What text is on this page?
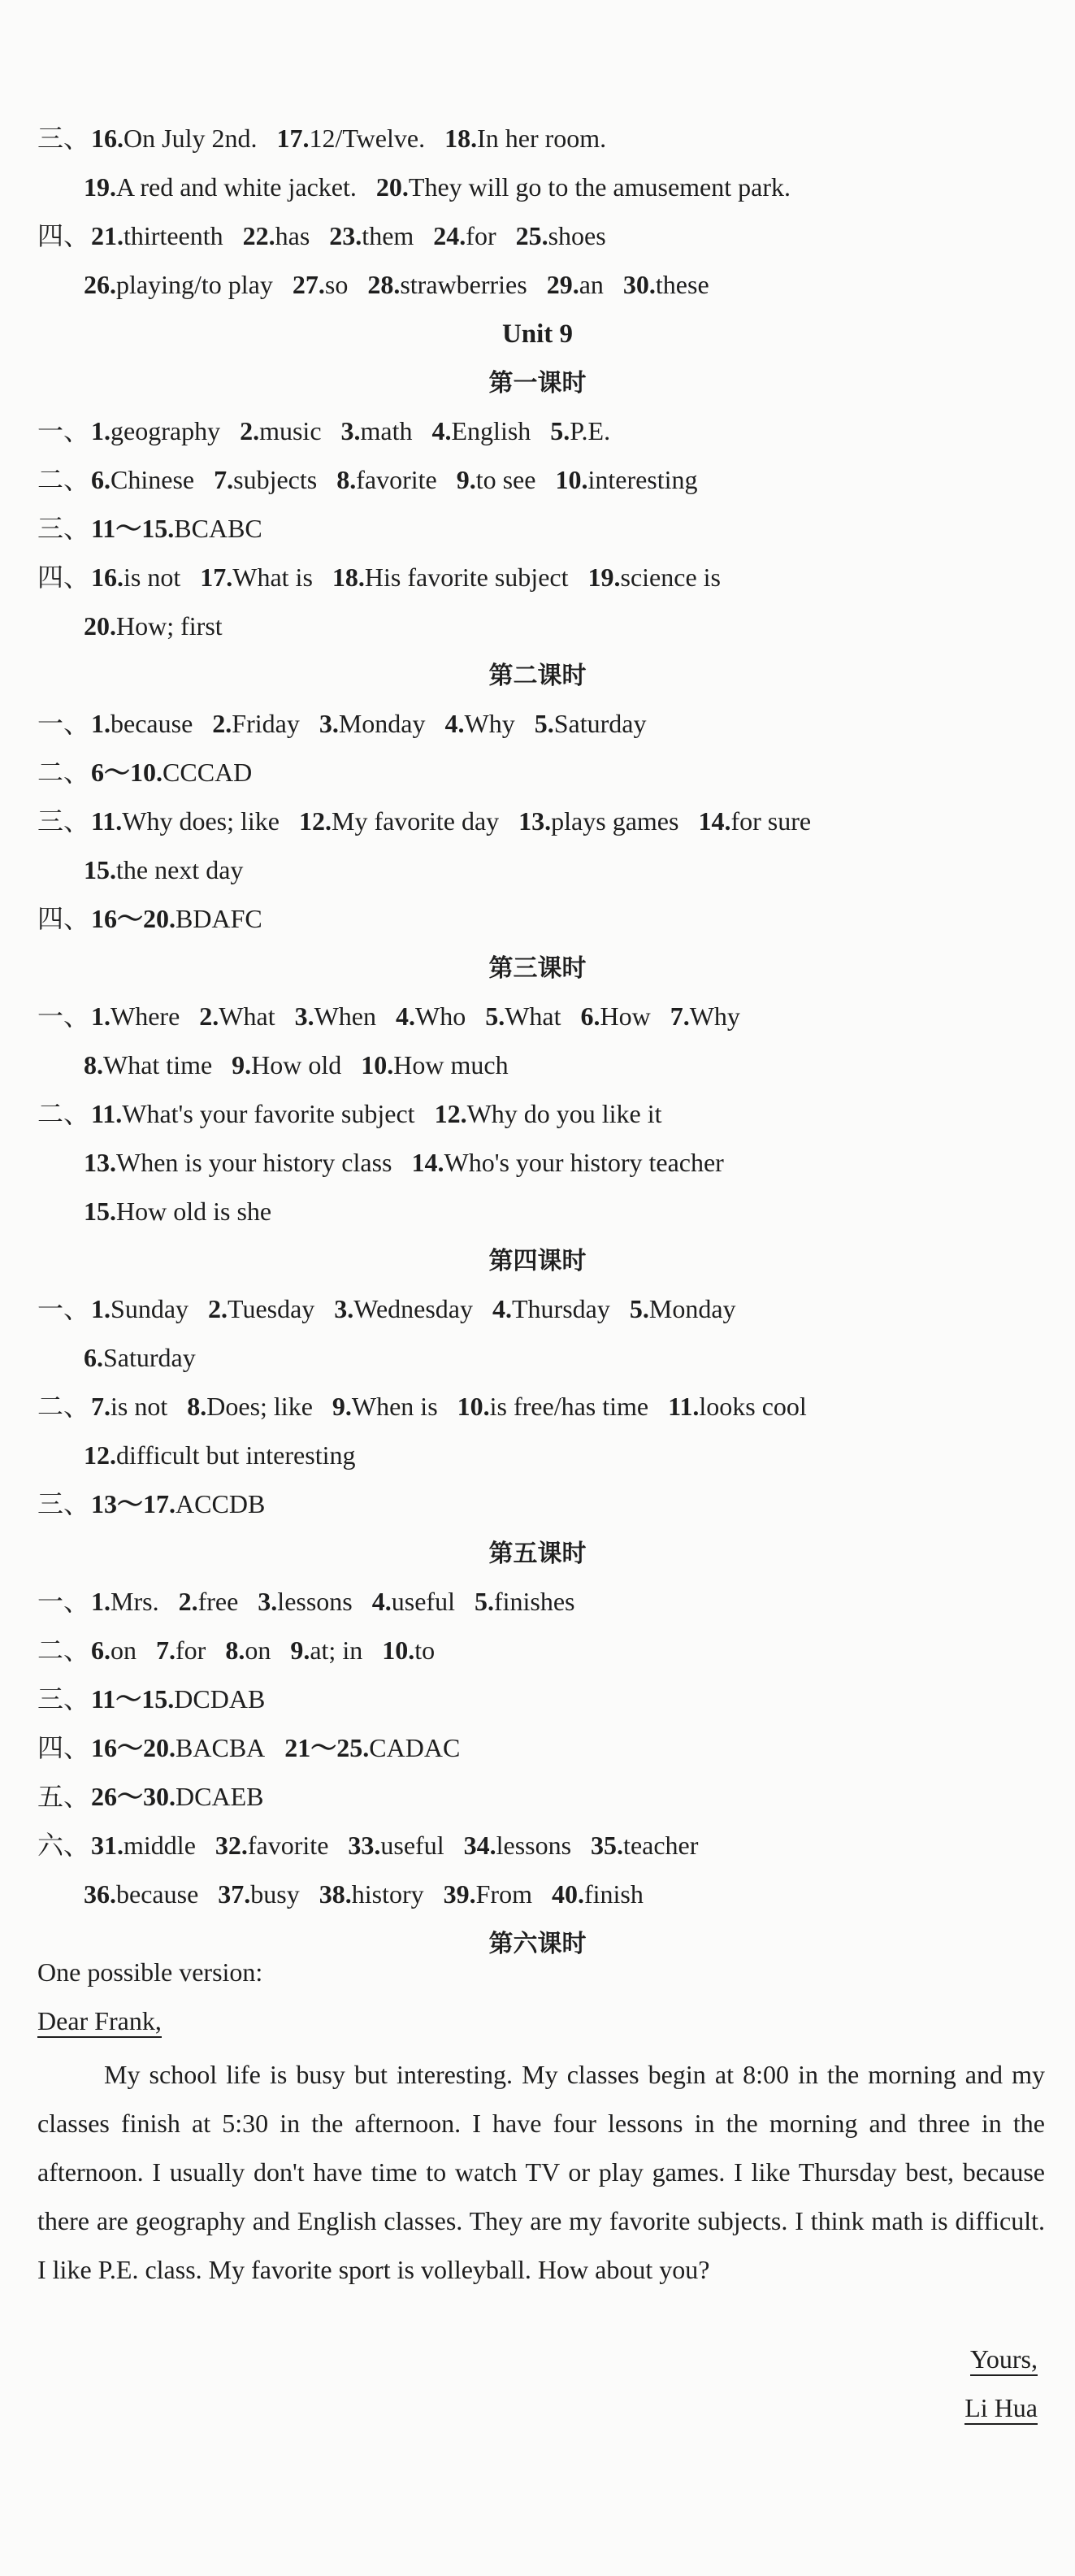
三、16.On July 2nd. 17.12/Twelve. 18.In her room.
19.A red and white jacket. 20.They will go to the amusement park.
四、21.thirteenth 22.has 23.them 24.for 25.shoes
26.playing/to play 27.so 28.strawberries 29.an 30.these
Unit 9
第一课时
一、1.geography 2.music 3.math 4.English 5.P.E.
二、6.Chinese 7.subjects 8.favorite 9.to see 10.interesting
三、11～15.BCABC
四、16.is not 17.What is 18.His favorite subject 19.science is
20.How; first
第二课时
一、1.because 2.Friday 3.Monday 4.Why 5.Saturday
二、6～10.CCCAD
三、11.Why does; like 12.My favorite day 13.plays games 14.for sure
15.the next day
四、16～20.BDAFC
第三课时
一、1.Where 2.What 3.When 4.Who 5.What 6.How 7.Why
8.What time 9.How old 10.How much
二、11.What's your favorite subject 12.Why do you like it
13.When is your history class 14.Who's your history teacher
15.How old is she
第四课时
一、1.Sunday 2.Tuesday 3.Wednesday 4.Thursday 5.Monday
6.Saturday
二、7.is not 8.Does; like 9.When is 10.is free/has time 11.looks cool
12.difficult but interesting
三、13～17.ACCDB
第五课时
一、1.Mrs. 2.free 3.lessons 4.useful 5.finishes
二、6.on 7.for 8.on 9.at; in 10.to
三、11～15.DCDAB
四、16～20.BACBA 21～25.CADAC
五、26～30.DCAEB
六、31.middle 32.favorite 33.useful 34.lessons 35.teacher
36.because 37.busy 38.history 39.From 40.finish
第六课时
One possible version:
Dear Frank,
My school life is busy but interesting. My classes begin at 8:00 in the morning and my classes finish at 5:30 in the afternoon. I have four lessons in the morning and three in the afternoon. I usually don't have time to watch TV or play games. I like Thursday best, because there are geography and English classes. They are my favorite subjects. I think math is difficult. I like P.E. class. My favorite sport is volleyball. How about you?
Yours,
Li Hua
